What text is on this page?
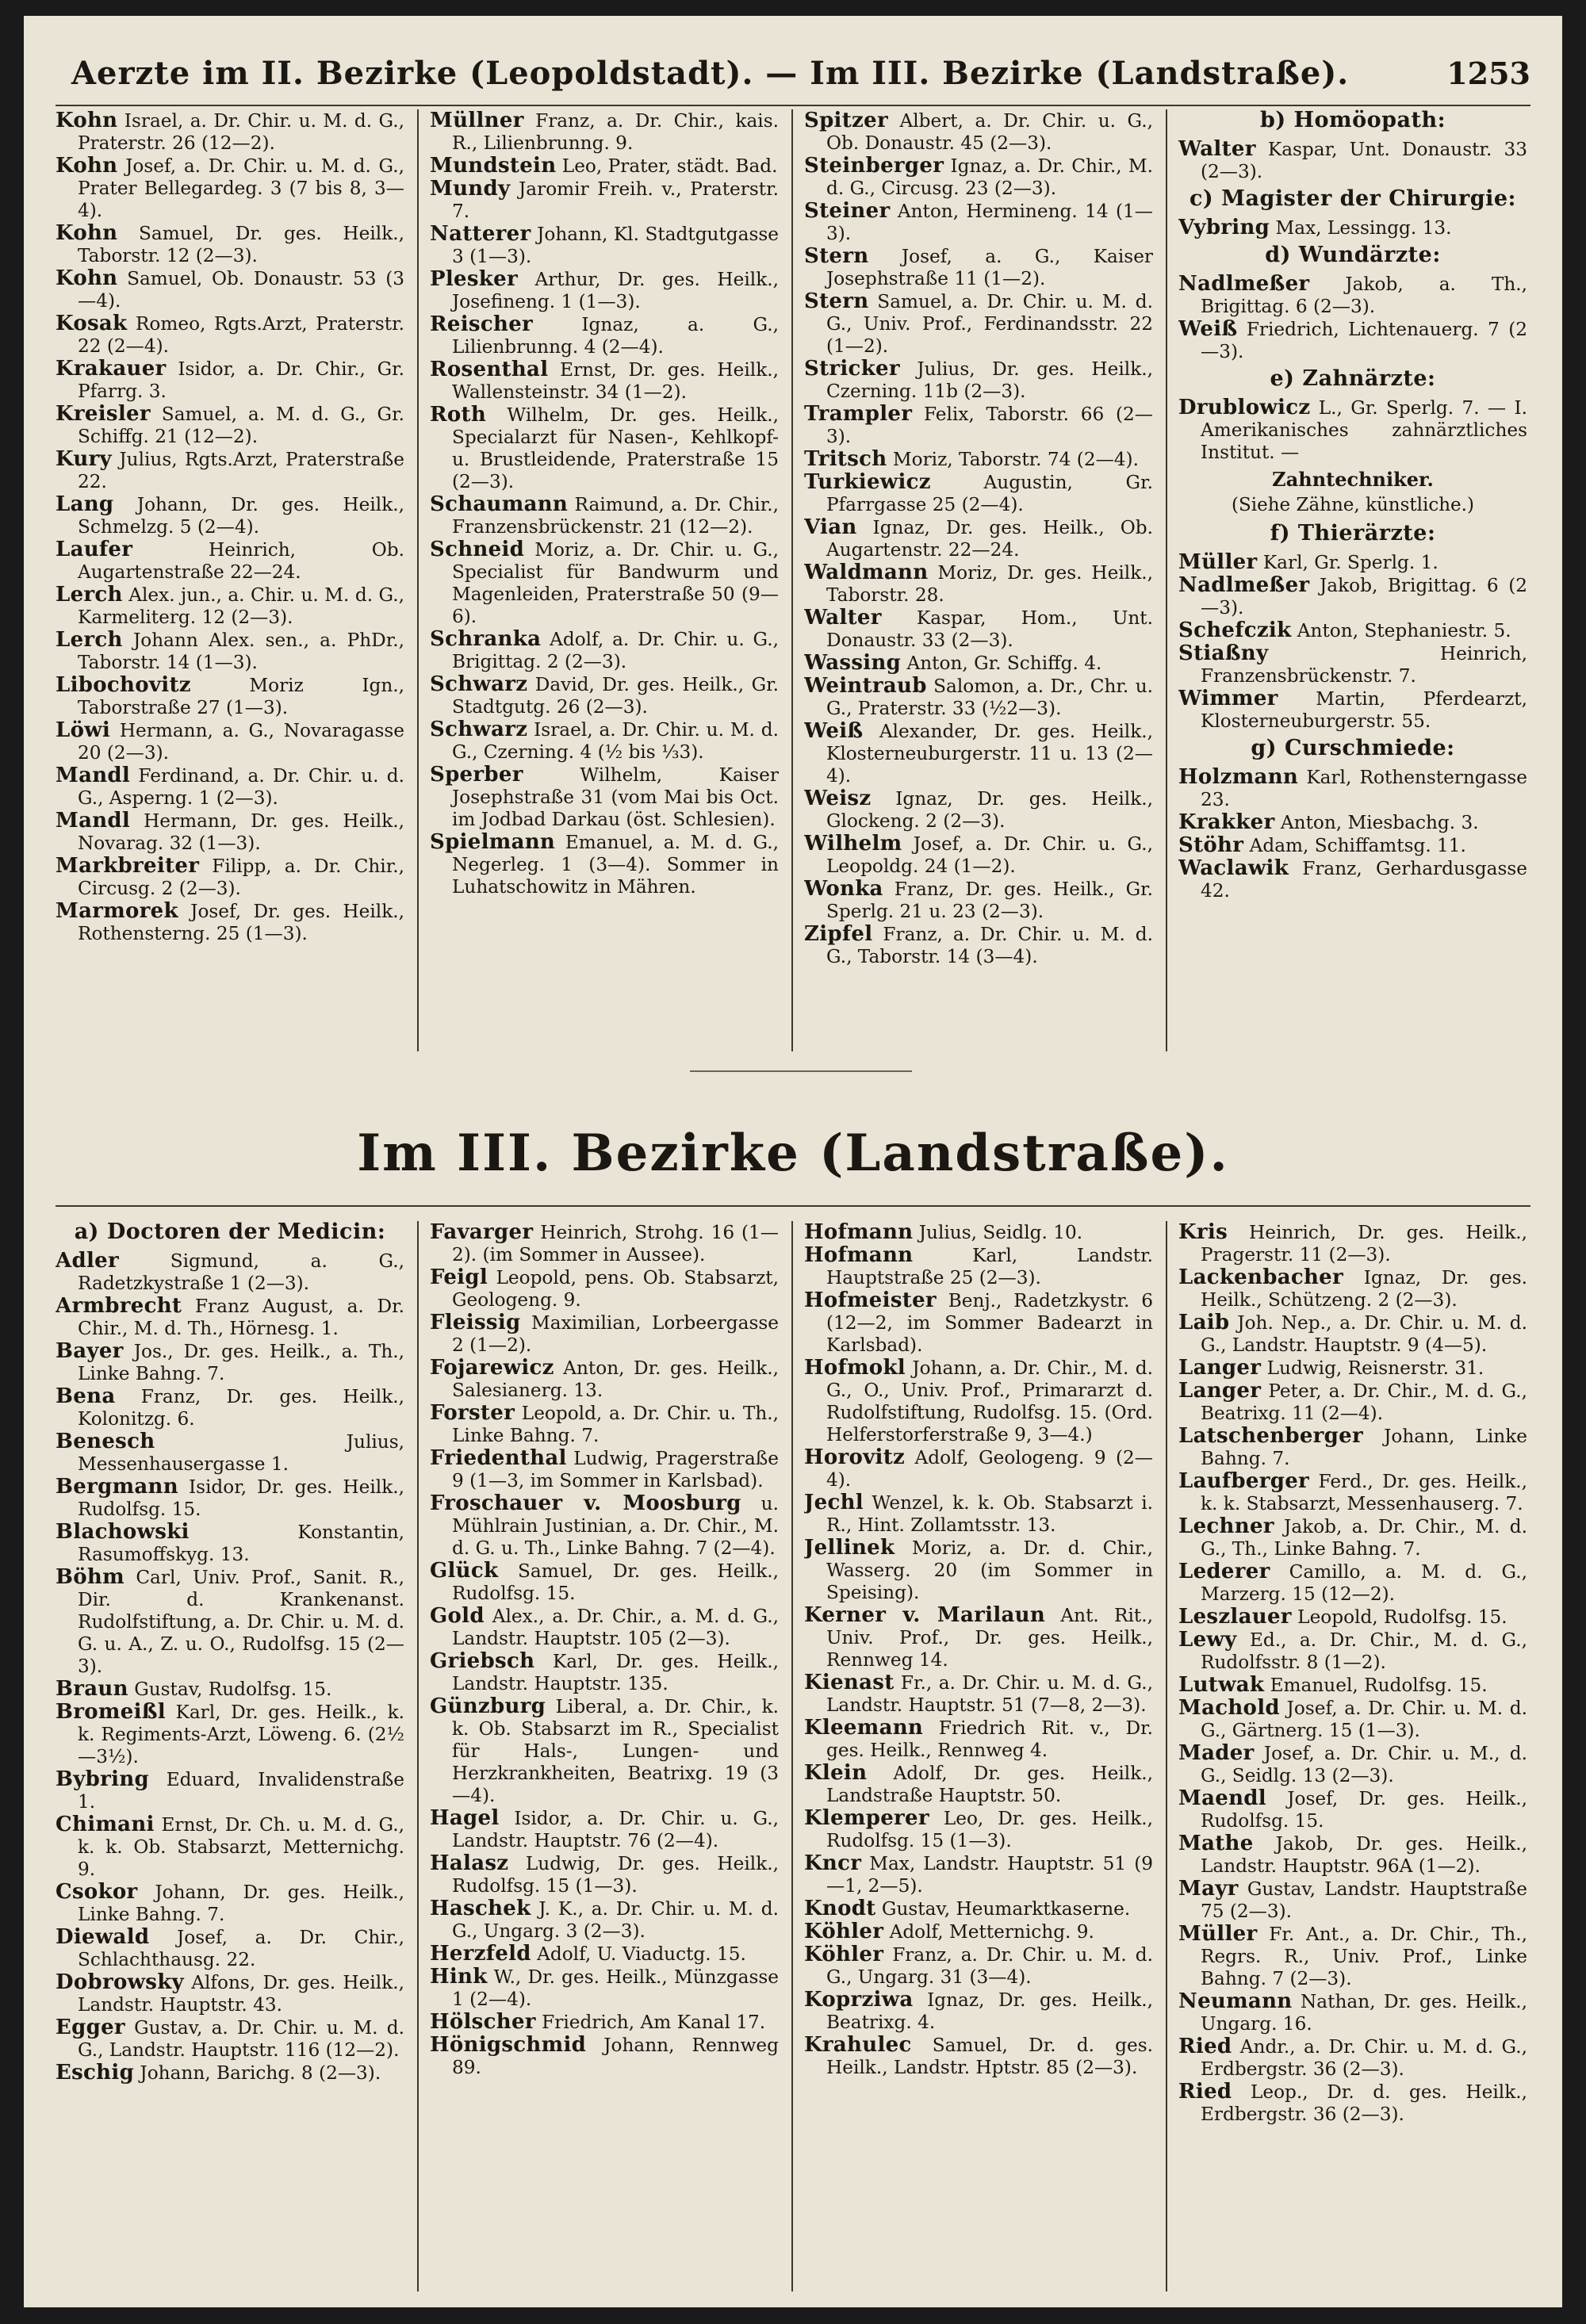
Aerzte im II. Bezirke (Leopoldstadt). — Im III. Bezirke (Landstraße).	1253

Kohn Israel, a. Dr. Chir. u. M. d. G., Praterstr. 26 (12—2).

Kohn Josef, a. Dr. Chir. u. M. d. G., Prater Bellegardeg. 3 (7 bis 8, 3—4).

Kohn Samuel, Dr. ges. Heilk., Taborstr. 12 (2—3).

Kohn Samuel, Ob. Donaustr. 53 (3—4).

Kosak Romeo, Rgts.Arzt, Praterstr. 22 (2—4).

Krakauer Isidor, a. Dr. Chir., Gr. Pfarrg. 3.

Kreisler Samuel, a. M. d. G., Gr. Schiffg. 21 (12—2).

Kury Julius, Rgts.Arzt, Praterstraße 22.

Lang Johann, Dr. ges. Heilk., Schmelzg. 5 (2—4).

Laufer Heinrich, Ob. Augartenstraße 22—24.

Lerch Alex. jun., a. Chir. u. M. d. G., Karmeliterg. 12 (2—3).

Lerch Johann Alex. sen., a. PhDr., Taborstr. 14 (1—3).

Libochovitz Moriz Ign., Taborstraße 27 (1—3).

Löwi Hermann, a. G., Novaragasse 20 (2—3).

Mandl Ferdinand, a. Dr. Chir. u. d. G., Asperng. 1 (2—3).

Mandl Hermann, Dr. ges. Heilk., Novarag. 32 (1—3).

Markbreiter Filipp, a. Dr. Chir., Circusg. 2 (2—3).

Marmorek Josef, Dr. ges. Heilk., Rothensterng. 25 (1—3).

Müllner Franz, a. Dr. Chir., kais. R., Lilienbrunng. 9.

Mundstein Leo, Prater, städt. Bad.

Mundy Jaromir Freih. v., Praterstr. 7.

Natterer Johann, Kl. Stadtgutgasse 3 (1—3).

Plesker Arthur, Dr. ges. Heilk., Josefineng. 1 (1—3).

Reischer Ignaz, a. G., Lilienbrunng. 4 (2—4).

Rosenthal Ernst, Dr. ges. Heilk., Wallensteinstr. 34 (1—2).

Roth Wilhelm, Dr. ges. Heilk., Specialarzt für Nasen-, Kehlkopf- u. Brustleidende, Praterstraße 15 (2—3).

Schaumann Raimund, a. Dr. Chir., Franzensbrückenstr. 21 (12—2).

Schneid Moriz, a. Dr. Chir. u. G., Specialist für Bandwurm und Magenleiden, Praterstraße 50 (9—6).

Schranka Adolf, a. Dr. Chir. u. G., Brigittag. 2 (2—3).

Schwarz David, Dr. ges. Heilk., Gr. Stadtgutg. 26 (2—3).

Schwarz Israel, a. Dr. Chir. u. M. d. G., Czerning. 4 (½ bis ⅓3).

Sperber Wilhelm, Kaiser Josephstraße 31 (vom Mai bis Oct. im Jodbad Darkau (öst. Schlesien).

Spielmann Emanuel, a. M. d. G., Negerleg. 1 (3—4). Sommer in Luhatschowitz in Mähren.

Spitzer Albert, a. Dr. Chir. u. G., Ob. Donaustr. 45 (2—3).

Steinberger Ignaz, a. Dr. Chir., M. d. G., Circusg. 23 (2—3).

Steiner Anton, Hermineng. 14 (1—3).

Stern Josef, a. G., Kaiser Josephstraße 11 (1—2).

Stern Samuel, a. Dr. Chir. u. M. d. G., Univ. Prof., Ferdinandsstr. 22 (1—2).

Stricker Julius, Dr. ges. Heilk., Czerning. 11b (2—3).

Trampler Felix, Taborstr. 66 (2—3).

Tritsch Moriz, Taborstr. 74 (2—4).

Turkiewicz Augustin, Gr. Pfarrgasse 25 (2—4).

Vian Ignaz, Dr. ges. Heilk., Ob. Augartenstr. 22—24.

Waldmann Moriz, Dr. ges. Heilk., Taborstr. 28.

Walter Kaspar, Hom., Unt. Donaustr. 33 (2—3).

Wassing Anton, Gr. Schiffg. 4.

Weintraub Salomon, a. Dr., Chr. u. G., Praterstr. 33 (½2—3).

Weiß Alexander, Dr. ges. Heilk., Klosterneuburgerstr. 11 u. 13 (2—4).

Weisz Ignaz, Dr. ges. Heilk., Glockeng. 2 (2—3).

Wilhelm Josef, a. Dr. Chir. u. G., Leopoldg. 24 (1—2).

Wonka Franz, Dr. ges. Heilk., Gr. Sperlg. 21 u. 23 (2—3).

Zipfel Franz, a. Dr. Chir. u. M. d. G., Taborstr. 14 (3—4).

b) Homöopath:

Walter Kaspar, Unt. Donaustr. 33 (2—3).

c) Magister der Chirurgie:

Vybring Max, Lessingg. 13.

d) Wundärzte:

Nadlmeßer Jakob, a. Th., Brigittag. 6 (2—3).

Weiß Friedrich, Lichtenauerg. 7 (2—3).

e) Zahnärzte:

Drublowicz L., Gr. Sperlg. 7. — I. Amerikanisches zahnärztliches Institut. —

Zahntechniker.
(Siehe Zähne, künstliche.)
f) Thierärzte:

Müller Karl, Gr. Sperlg. 1.

Nadlmeßer Jakob, Brigittag. 6 (2—3).

Schefczik Anton, Stephaniestr. 5.

Stiaßny Heinrich, Franzensbrückenstr. 7.

Wimmer Martin, Pferdearzt, Klosterneuburgerstr. 55.

g) Curschmiede:

Holzmann Karl, Rothensterngasse 23.

Krakker Anton, Miesbachg. 3.

Stöhr Adam, Schiffamtsg. 11.

Waclawik Franz, Gerhardusgasse 42.

Im III. Bezirke (Landstraße).
a) Doctoren der Medicin:

Adler Sigmund, a. G., Radetzkystraße 1 (2—3).

Armbrecht Franz August, a. Dr. Chir., M. d. Th., Hörnesg. 1.

Bayer Jos., Dr. ges. Heilk., a. Th., Linke Bahng. 7.

Bena Franz, Dr. ges. Heilk., Kolonitzg. 6.

Benesch Julius, Messenhausergasse 1.

Bergmann Isidor, Dr. ges. Heilk., Rudolfsg. 15.

Blachowski Konstantin, Rasumoffskyg. 13.

Böhm Carl, Univ. Prof., Sanit. R., Dir. d. Krankenanst. Rudolfstiftung, a. Dr. Chir. u. M. d. G. u. A., Z. u. O., Rudolfsg. 15 (2—3).

Braun Gustav, Rudolfsg. 15.

Bromeißl Karl, Dr. ges. Heilk., k. k. Regiments-Arzt, Löweng. 6. (2½—3½).

Bybring Eduard, Invalidenstraße 1.

Chimani Ernst, Dr. Ch. u. M. d. G., k. k. Ob. Stabsarzt, Metternichg. 9.

Csokor Johann, Dr. ges. Heilk., Linke Bahng. 7.

Diewald Josef, a. Dr. Chir., Schlachthausg. 22.

Dobrowsky Alfons, Dr. ges. Heilk., Landstr. Hauptstr. 43.

Egger Gustav, a. Dr. Chir. u. M. d. G., Landstr. Hauptstr. 116 (12—2).

Eschig Johann, Barichg. 8 (2—3).

Favarger Heinrich, Strohg. 16 (1—2). (im Sommer in Aussee).

Feigl Leopold, pens. Ob. Stabsarzt, Geologeng. 9.

Fleissig Maximilian, Lorbeergasse 2 (1—2).

Fojarewicz Anton, Dr. ges. Heilk., Salesianerg. 13.

Forster Leopold, a. Dr. Chir. u. Th., Linke Bahng. 7.

Friedenthal Ludwig, Pragerstraße 9 (1—3, im Sommer in Karlsbad).

Froschauer v. Moosburg u. Mühlrain Justinian, a. Dr. Chir., M. d. G. u. Th., Linke Bahng. 7 (2—4).

Glück Samuel, Dr. ges. Heilk., Rudolfsg. 15.

Gold Alex., a. Dr. Chir., a. M. d. G., Landstr. Hauptstr. 105 (2—3).

Griebsch Karl, Dr. ges. Heilk., Landstr. Hauptstr. 135.

Günzburg Liberal, a. Dr. Chir., k. k. Ob. Stabsarzt im R., Specialist für Hals-, Lungen- und Herzkrankheiten, Beatrixg. 19 (3—4).

Hagel Isidor, a. Dr. Chir. u. G., Landstr. Hauptstr. 76 (2—4).

Halasz Ludwig, Dr. ges. Heilk., Rudolfsg. 15 (1—3).

Haschek J. K., a. Dr. Chir. u. M. d. G., Ungarg. 3 (2—3).

Herzfeld Adolf, U. Viaductg. 15.

Hink W., Dr. ges. Heilk., Münzgasse 1 (2—4).

Hölscher Friedrich, Am Kanal 17.

Hönigschmid Johann, Rennweg 89.

Hofmann Julius, Seidlg. 10.

Hofmann Karl, Landstr. Hauptstraße 25 (2—3).

Hofmeister Benj., Radetzkystr. 6 (12—2, im Sommer Badearzt in Karlsbad).

Hofmokl Johann, a. Dr. Chir., M. d. G., O., Univ. Prof., Primararzt d. Rudolfstiftung, Rudolfsg. 15. (Ord. Helferstorferstraße 9, 3—4.)

Horovitz Adolf, Geologeng. 9 (2—4).

Jechl Wenzel, k. k. Ob. Stabsarzt i. R., Hint. Zollamtsstr. 13.

Jellinek Moriz, a. Dr. d. Chir., Wasserg. 20 (im Sommer in Speising).

Kerner v. Marilaun Ant. Rit., Univ. Prof., Dr. ges. Heilk., Rennweg 14.

Kienast Fr., a. Dr. Chir. u. M. d. G., Landstr. Hauptstr. 51 (7—8, 2—3).

Kleemann Friedrich Rit. v., Dr. ges. Heilk., Rennweg 4.

Klein Adolf, Dr. ges. Heilk., Landstraße Hauptstr. 50.

Klemperer Leo, Dr. ges. Heilk., Rudolfsg. 15 (1—3).

Kncr Max, Landstr. Hauptstr. 51 (9—1, 2—5).

Knodt Gustav, Heumarktkaserne.

Köhler Adolf, Metternichg. 9.

Köhler Franz, a. Dr. Chir. u. M. d. G., Ungarg. 31 (3—4).

Koprziwa Ignaz, Dr. ges. Heilk., Beatrixg. 4.

Krahulec Samuel, Dr. d. ges. Heilk., Landstr. Hptstr. 85 (2—3).

Kris Heinrich, Dr. ges. Heilk., Pragerstr. 11 (2—3).

Lackenbacher Ignaz, Dr. ges. Heilk., Schützeng. 2 (2—3).

Laib Joh. Nep., a. Dr. Chir. u. M. d. G., Landstr. Hauptstr. 9 (4—5).

Langer Ludwig, Reisnerstr. 31.

Langer Peter, a. Dr. Chir., M. d. G., Beatrixg. 11 (2—4).

Latschenberger Johann, Linke Bahng. 7.

Laufberger Ferd., Dr. ges. Heilk., k. k. Stabsarzt, Messenhauserg. 7.

Lechner Jakob, a. Dr. Chir., M. d. G., Th., Linke Bahng. 7.

Lederer Camillo, a. M. d. G., Marzerg. 15 (12—2).

Leszlauer Leopold, Rudolfsg. 15.

Lewy Ed., a. Dr. Chir., M. d. G., Rudolfsstr. 8 (1—2).

Lutwak Emanuel, Rudolfsg. 15.

Machold Josef, a. Dr. Chir. u. M. d. G., Gärtnerg. 15 (1—3).

Mader Josef, a. Dr. Chir. u. M., d. G., Seidlg. 13 (2—3).

Maendl Josef, Dr. ges. Heilk., Rudolfsg. 15.

Mathe Jakob, Dr. ges. Heilk., Landstr. Hauptstr. 96A (1—2).

Mayr Gustav, Landstr. Hauptstraße 75 (2—3).

Müller Fr. Ant., a. Dr. Chir., Th., Regrs. R., Univ. Prof., Linke Bahng. 7 (2—3).

Neumann Nathan, Dr. ges. Heilk., Ungarg. 16.

Ried Andr., a. Dr. Chir. u. M. d. G., Erdbergstr. 36 (2—3).

Ried Leop., Dr. d. ges. Heilk., Erdbergstr. 36 (2—3).
